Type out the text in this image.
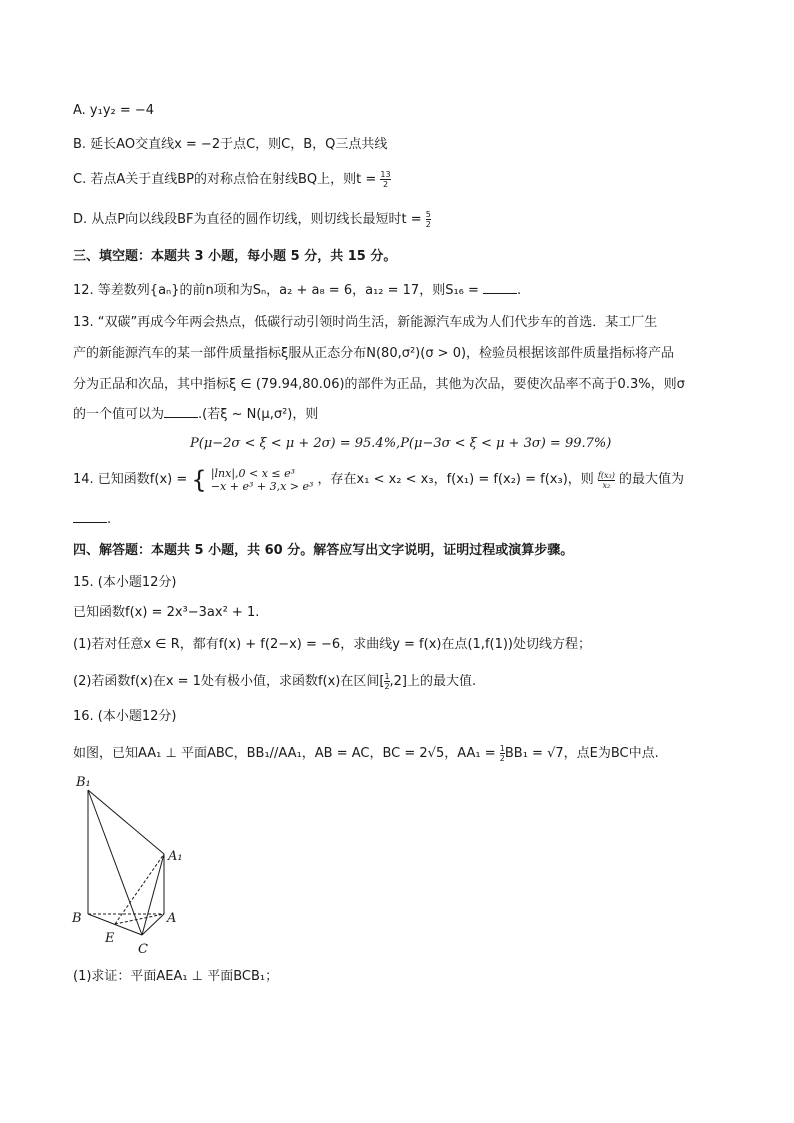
A. y₁y₂ = −4
B. 延长AO交直线x = −2于点C，则C，B，Q三点共线
C. 若点A关于直线BP的对称点恰在射线BQ上，则$t = \frac{13}{2}$
D. 从点P向以线段BF为直径的圆作切线，则切线长最短时$t = \frac{5}{2}$
三、填空题：本题共 3 小题，每小题 5 分，共 15 分。
12. 等差数列{aₙ}的前n项和为Sₙ，a₂ + a₈ = 6，a₁₂ = 17，则S₁₆ =	.
13. “双碳”再成今年两会热点，低碳行动引领时尚生活，新能源汽车成为人们代步车的首选．某工厂生
产的新能源汽车的某一部件质量指标ξ服从正态分布N(80,σ²)(σ > 0)，检验员根据该部件质量指标将产品
分为正品和次品，其中指标ξ ∈ (79.94,80.06)的部件为正品，其他为次品，要使次品率不高于0.3%，则σ
的一个值可以为	.(若ξ ~ N(μ,σ²)，则
P(μ−2σ < ξ < μ + 2σ) = 95.4%,P(μ−3σ < ξ < μ + 3σ) = 99.7%)
14. 已知函数f(x) = { |lnx|,0 < x ≤ e³
−x + e³ + 3,x > e³ ，存在x₁ < x₂ < x₃，f(x₁) = f(x₂) = f(x₃)，则 $\frac{\text{f(x₃)}}{\text{x₂}}$ 的最大值为
.
四、解答题：本题共 5 小题，共 60 分。解答应写出文字说明，证明过程或演算步骤。
15. (本小题12分)
已知函数f(x) = 2x³−3ax² + 1.
(1)若对任意x ∈ R，都有f(x) + f(2−x) = −6，求曲线y = f(x)在点(1,f(1))处切线方程；
(2)若函数f(x)在x = 1处有极小值，求函数f(x)在区间[ $\frac{1}{2} ,2$]上的最大值.
16. (本小题12分)
如图，已知AA₁ ⊥ 平面ABC，BB₁//AA₁，AB = AC，BC = 2√5，$AA_1 = \frac{1}{2} BB_1 = √7$，点E为BC中点.
B₁
A₁
B	A
E
C
(1)求证：平面AEA₁ ⊥ 平面BCB₁；
